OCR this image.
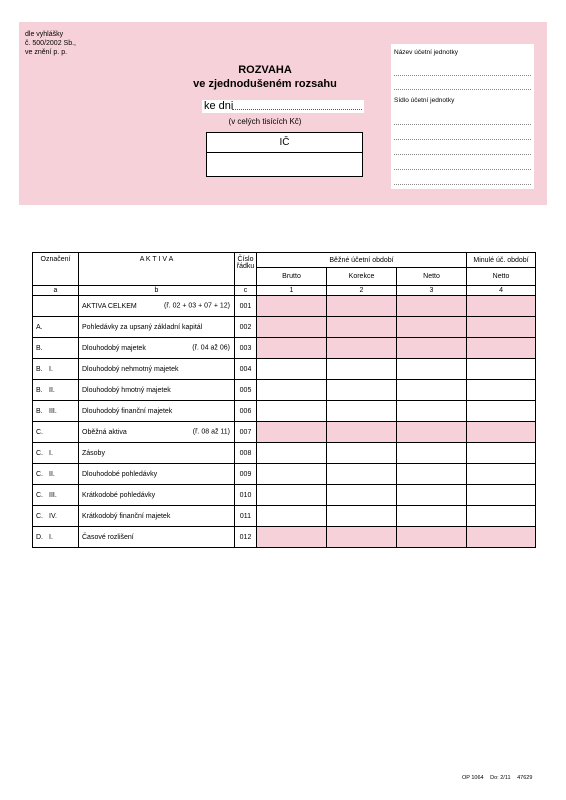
dle vyhlášky
č. 500/2002 Sb.,
ve znění p. p.
ROZVAHA
ve zjednodušeném rozsahu
ke dni
(v celých tisících Kč)
IČ
Název účetní jednotky
Sídlo účetní jednotky
Označení	A K T I V A	Číslo řádku	Běžné účetní období			Minulé úč. období
			Brutto	Korekce	Netto	Netto
a	b	c	1	2	3	4
	AKTIVA CELKEM (ř. 02 + 03 + 07 + 12)	001				
A.	Pohledávky za upsaný základní kapitál	002				
B.	Dlouhodobý majetek (ř. 04 až 06)	003				
B. I.	Dlouhodobý nehmotný majetek	004				
B. II.	Dlouhodobý hmotný majetek	005				
B. III.	Dlouhodobý finanční majetek	006				
C.	Oběžná aktiva (ř. 08 až 11)	007				
C. I.	Zásoby	008				
C. II.	Dlouhodobé pohledávky	009				
C. III.	Krátkodobé pohledávky	010				
C. IV.	Krátkodobý finanční majetek	011				
D. I.	Časové rozlišení	012				
OP 1064 Do: 2/11 47629
